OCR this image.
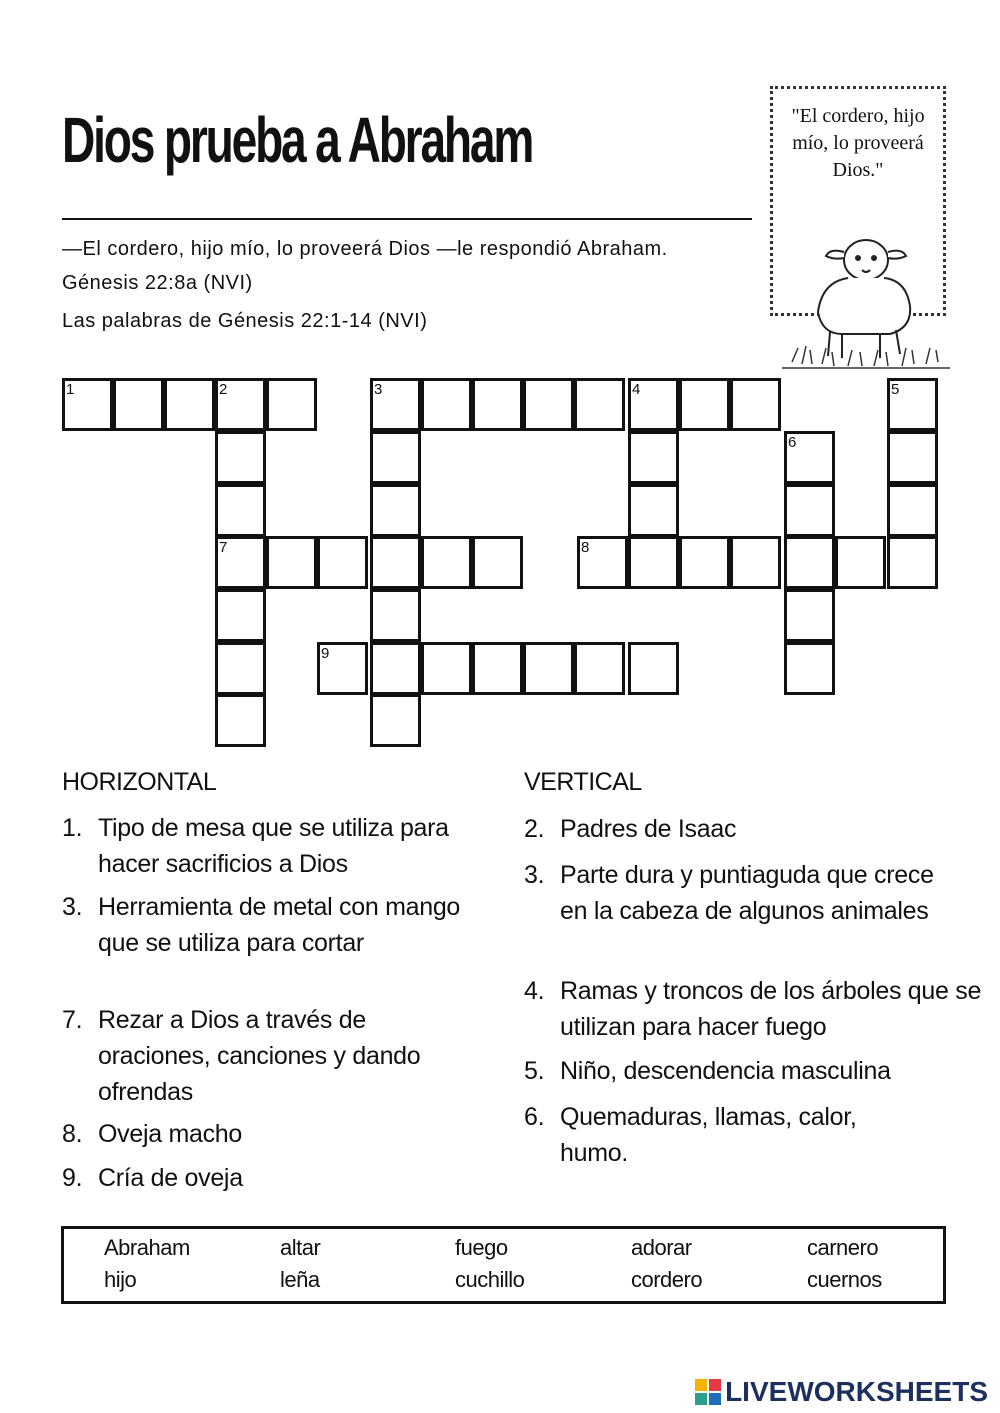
Dios prueba a Abraham
—El cordero, hijo mío, lo proveerá Dios —le respondió Abraham. Génesis 22:8a (NVI)
Las palabras de Génesis 22:1-14 (NVI)
"El cordero, hijo mío, lo proveerá Dios."
1	2	3	4	5
6
7	8
9
HORIZONTAL	VERTICAL
1. Tipo de mesa que se utiliza para hacer sacrificios a Dios
3. Herramienta de metal con mango que se utiliza para cortar
7. Rezar a Dios a través de oraciones, canciones y dando ofrendas
8. Oveja macho
9. Cría de oveja
2. Padres de Isaac
3. Parte dura y puntiaguda que crece en la cabeza de algunos animales
4. Ramas y troncos de los árboles que se utilizan para hacer fuego
5. Niño, descendencia masculina
6. Quemaduras, llamas, calor, humo.
Abraham	altar	fuego	adorar	carnero
hijo	leña	cuchillo	cordero	cuernos
LIVEWORKSHEETS
